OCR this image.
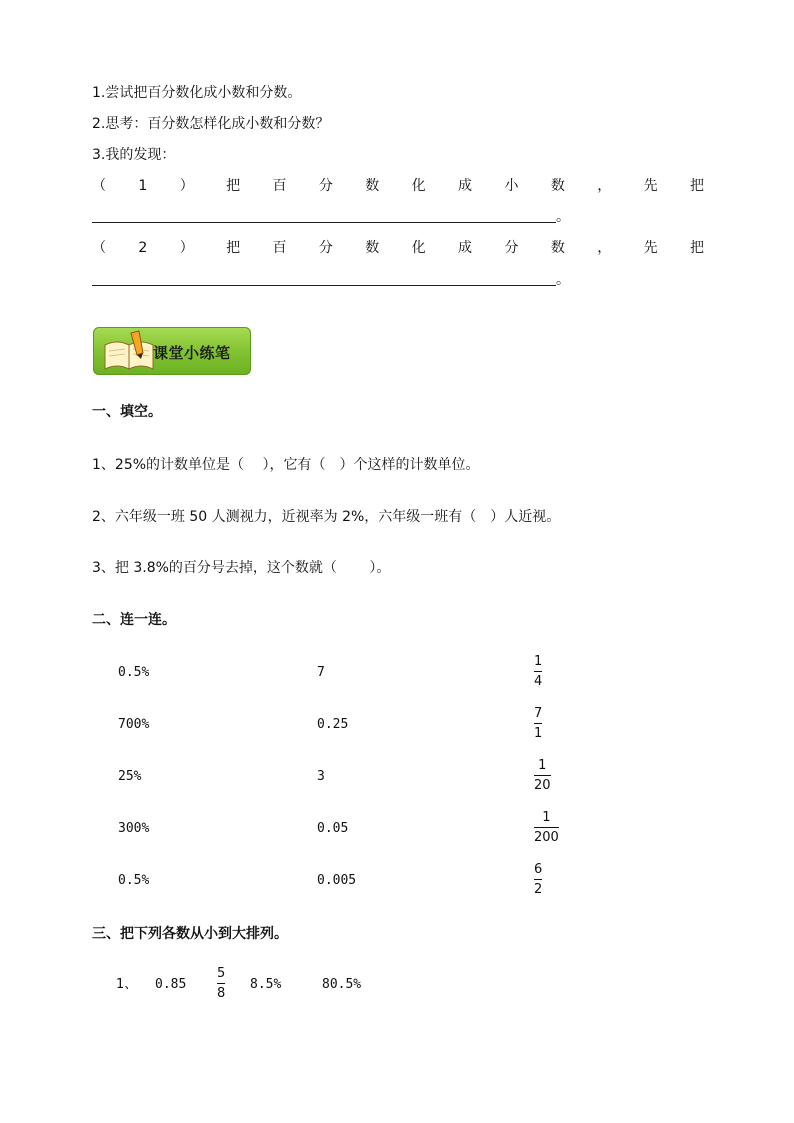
1.尝试把百分数化成小数和分数。
2.思考：百分数怎样化成小数和分数？
3.我的发现：
（ 1 ） 把 百 分 数 化 成 小 数 ， 先 把
。
（ 2 ） 把 百 分 数 化 成 分 数 ， 先 把
。
课堂小练笔
一、填空。
1、25%的计数单位是（　 ），它有（　）个这样的计数单位。
2、六年级一班 50 人测视力，近视率为 2%，六年级一班有（　）人近视。
3、把 3.8%的百分号去掉，这个数就（　　 ）。
二、连一连。
0.5%
700%
25%
300%
0.5%
7
0.25
3
0.05
0.005
1
4
7
1
1
20
1
200
6
2
三、把下列各数从小到大排列。
1、 0.85
5
8
8.5%	80.5%
